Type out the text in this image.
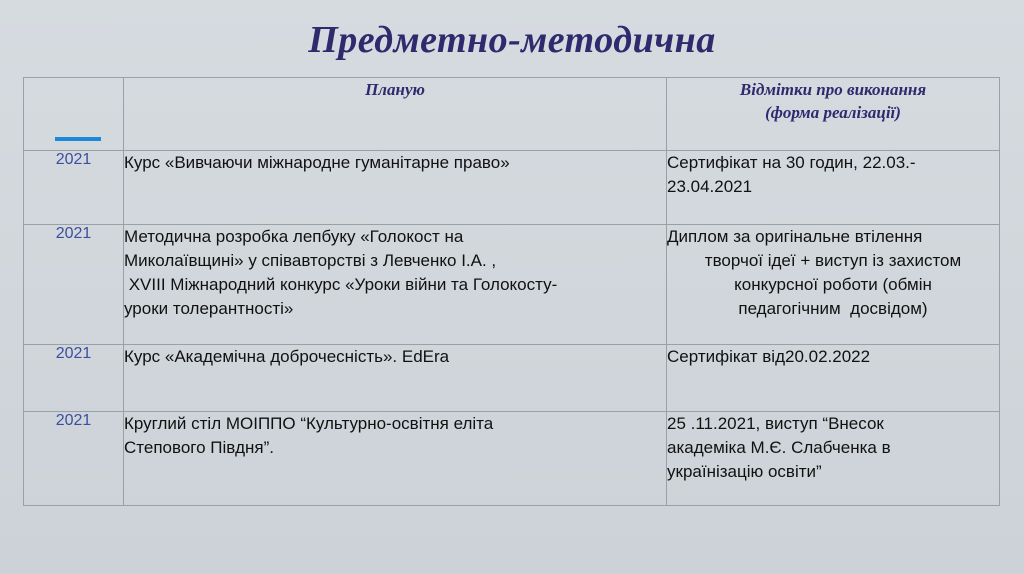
Предметно-методична
	Планую	Відмітки про виконання
(форма реалізації)

2021	Курс «Вивчаючи міжнародне гуманітарне право»	Сертифікат на 30 годин, 22.03.-
23.04.2021

2021	Методична розробка лепбуку «Голокост на
Миколаївщині» у співавторстві з Левченко І.А. ,
XVIII Міжнародний конкурс «Уроки війни та Голокосту-
уроки толерантності»	Диплом за оригінальне втілення
творчої ідеї + виступ із захистом
конкурсної роботи (обмін
педагогічним  досвідом)

2021	Курс «Академічна доброчесність». EdEra	Сертифікат від20.02.2022

2021	Круглий стіл МОІППО “Культурно-освітня еліта
Степового Півдня”.	25 .11.2021, виступ “Внесок
академіка М.Є. Слабченка в
українізацію освіти”
